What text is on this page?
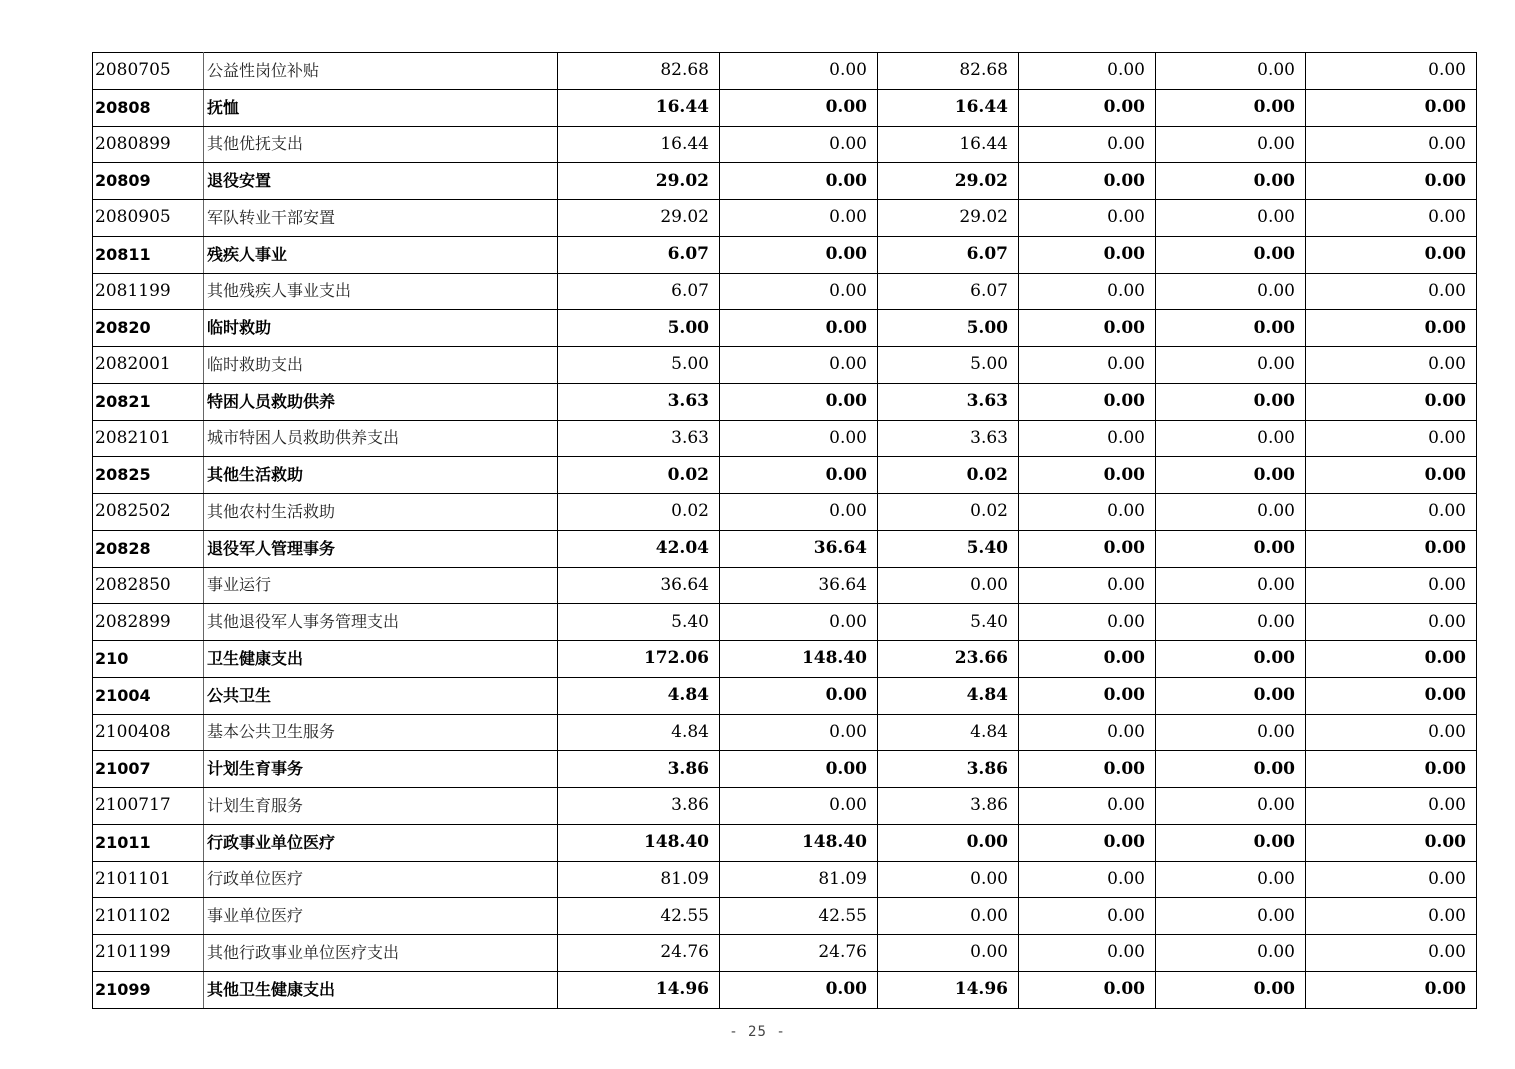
2080705	公益性岗位补贴	82.68	0.00	82.68	0.00	0.00	0.00
20808	抚恤	16.44	0.00	16.44	0.00	0.00	0.00
2080899	其他优抚支出	16.44	0.00	16.44	0.00	0.00	0.00
20809	退役安置	29.02	0.00	29.02	0.00	0.00	0.00
2080905	军队转业干部安置	29.02	0.00	29.02	0.00	0.00	0.00
20811	残疾人事业	6.07	0.00	6.07	0.00	0.00	0.00
2081199	其他残疾人事业支出	6.07	0.00	6.07	0.00	0.00	0.00
20820	临时救助	5.00	0.00	5.00	0.00	0.00	0.00
2082001	临时救助支出	5.00	0.00	5.00	0.00	0.00	0.00
20821	特困人员救助供养	3.63	0.00	3.63	0.00	0.00	0.00
2082101	城市特困人员救助供养支出	3.63	0.00	3.63	0.00	0.00	0.00
20825	其他生活救助	0.02	0.00	0.02	0.00	0.00	0.00
2082502	其他农村生活救助	0.02	0.00	0.02	0.00	0.00	0.00
20828	退役军人管理事务	42.04	36.64	5.40	0.00	0.00	0.00
2082850	事业运行	36.64	36.64	0.00	0.00	0.00	0.00
2082899	其他退役军人事务管理支出	5.40	0.00	5.40	0.00	0.00	0.00
210	卫生健康支出	172.06	148.40	23.66	0.00	0.00	0.00
21004	公共卫生	4.84	0.00	4.84	0.00	0.00	0.00
2100408	基本公共卫生服务	4.84	0.00	4.84	0.00	0.00	0.00
21007	计划生育事务	3.86	0.00	3.86	0.00	0.00	0.00
2100717	计划生育服务	3.86	0.00	3.86	0.00	0.00	0.00
21011	行政事业单位医疗	148.40	148.40	0.00	0.00	0.00	0.00
2101101	行政单位医疗	81.09	81.09	0.00	0.00	0.00	0.00
2101102	事业单位医疗	42.55	42.55	0.00	0.00	0.00	0.00
2101199	其他行政事业单位医疗支出	24.76	24.76	0.00	0.00	0.00	0.00
21099	其他卫生健康支出	14.96	0.00	14.96	0.00	0.00	0.00
- 25 -
